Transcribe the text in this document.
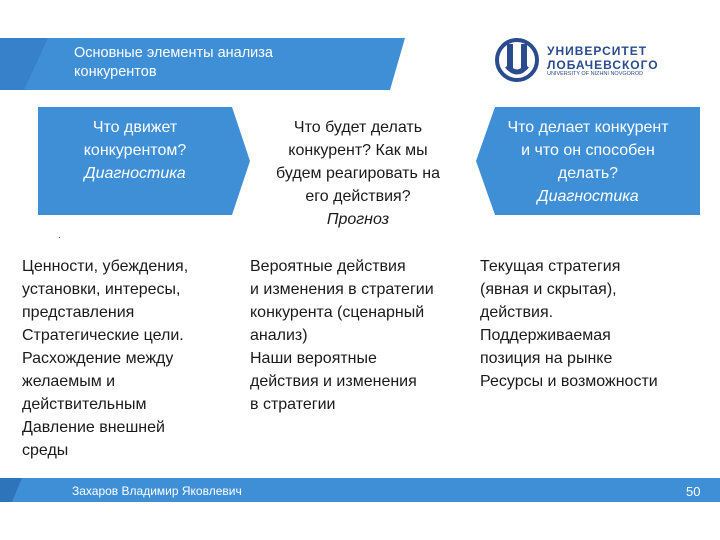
Основные элементы анализа
конкурентов
УНИВЕРСИТЕТ
ЛОБАЧЕВСКОГО
UNIVERSITY OF NIZHNI NOVGOROD
Что движет
конкурентом?
Диагностика
Что будет делать
конкурент? Как мы
будем реагировать на
его действия?
Прогноз
Что делает конкурент
и что он способен
делать?
Диагностика
.
Ценности, убеждения,
установки, интересы,
представления
Стратегические цели.
Расхождение между
желаемым и
действительным
Давление внешней
среды
Вероятные действия
и изменения в стратегии
конкурента (сценарный
анализ)
Наши вероятные
действия и изменения
в стратегии
Текущая стратегия
(явная и скрытая),
действия.
Поддерживаемая
позиция на рынке
Ресурсы и возможности
Захаров Владимир Яковлевич	50
